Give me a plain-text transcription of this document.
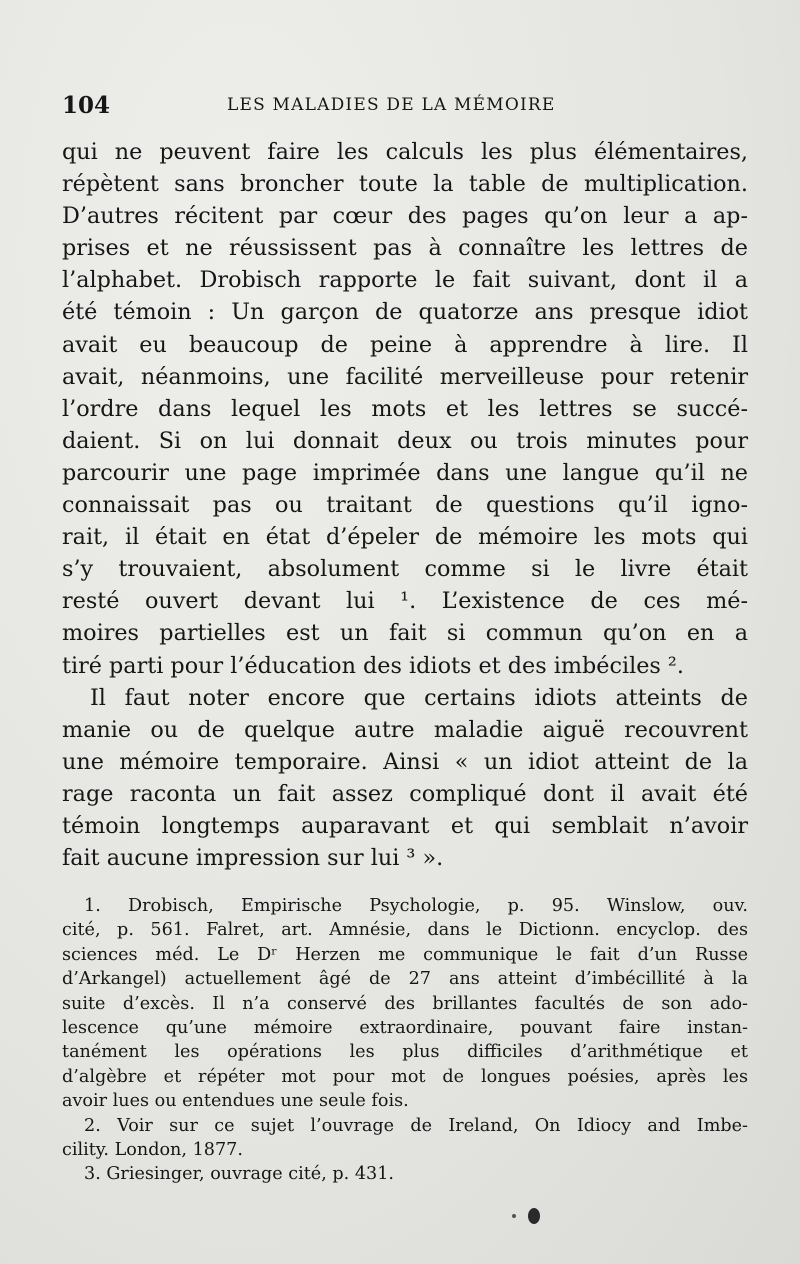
104	LES MALADIES DE LA MÉMOIRE
qui ne peuvent faire les calculs les plus élémentaires,
répètent sans broncher toute la table de multiplication.
D’autres récitent par cœur des pages qu’on leur a ap-
prises et ne réussissent pas à connaître les lettres de
l’alphabet. Drobisch rapporte le fait suivant, dont il a
été témoin : Un garçon de quatorze ans presque idiot
avait eu beaucoup de peine à apprendre à lire. Il
avait, néanmoins, une facilité merveilleuse pour retenir
l’ordre dans lequel les mots et les lettres se succé-
daient. Si on lui donnait deux ou trois minutes pour
parcourir une page imprimée dans une langue qu’il ne
connaissait pas ou traitant de questions qu’il igno-
rait, il était en état d’épeler de mémoire les mots qui
s’y trouvaient, absolument comme si le livre était
resté ouvert devant lui ¹. L’existence de ces mé-
moires partielles est un fait si commun qu’on en a
tiré parti pour l’éducation des idiots et des imbéciles ².
Il faut noter encore que certains idiots atteints de
manie ou de quelque autre maladie aiguë recouvrent
une mémoire temporaire. Ainsi « un idiot atteint de la
rage raconta un fait assez compliqué dont il avait été
témoin longtemps auparavant et qui semblait n’avoir
fait aucune impression sur lui ³ ».
1. Drobisch, Empirische Psychologie, p. 95. Winslow, ouv.
cité, p. 561. Falret, art. Amnésie, dans le Dictionn. encyclop. des
sciences méd. Le Dʳ Herzen me communique le fait d’un Russe
d’Arkangel) actuellement âgé de 27 ans atteint d’imbécillité à la
suite d’excès. Il n’a conservé des brillantes facultés de son ado-
lescence qu’une mémoire extraordinaire, pouvant faire instan-
tanément les opérations les plus difficiles d’arithmétique et
d’algèbre et répéter mot pour mot de longues poésies, après les
avoir lues ou entendues une seule fois.
2. Voir sur ce sujet l’ouvrage de Ireland, On Idiocy and Imbe-
cility. London, 1877.
3. Griesinger, ouvrage cité, p. 431.
